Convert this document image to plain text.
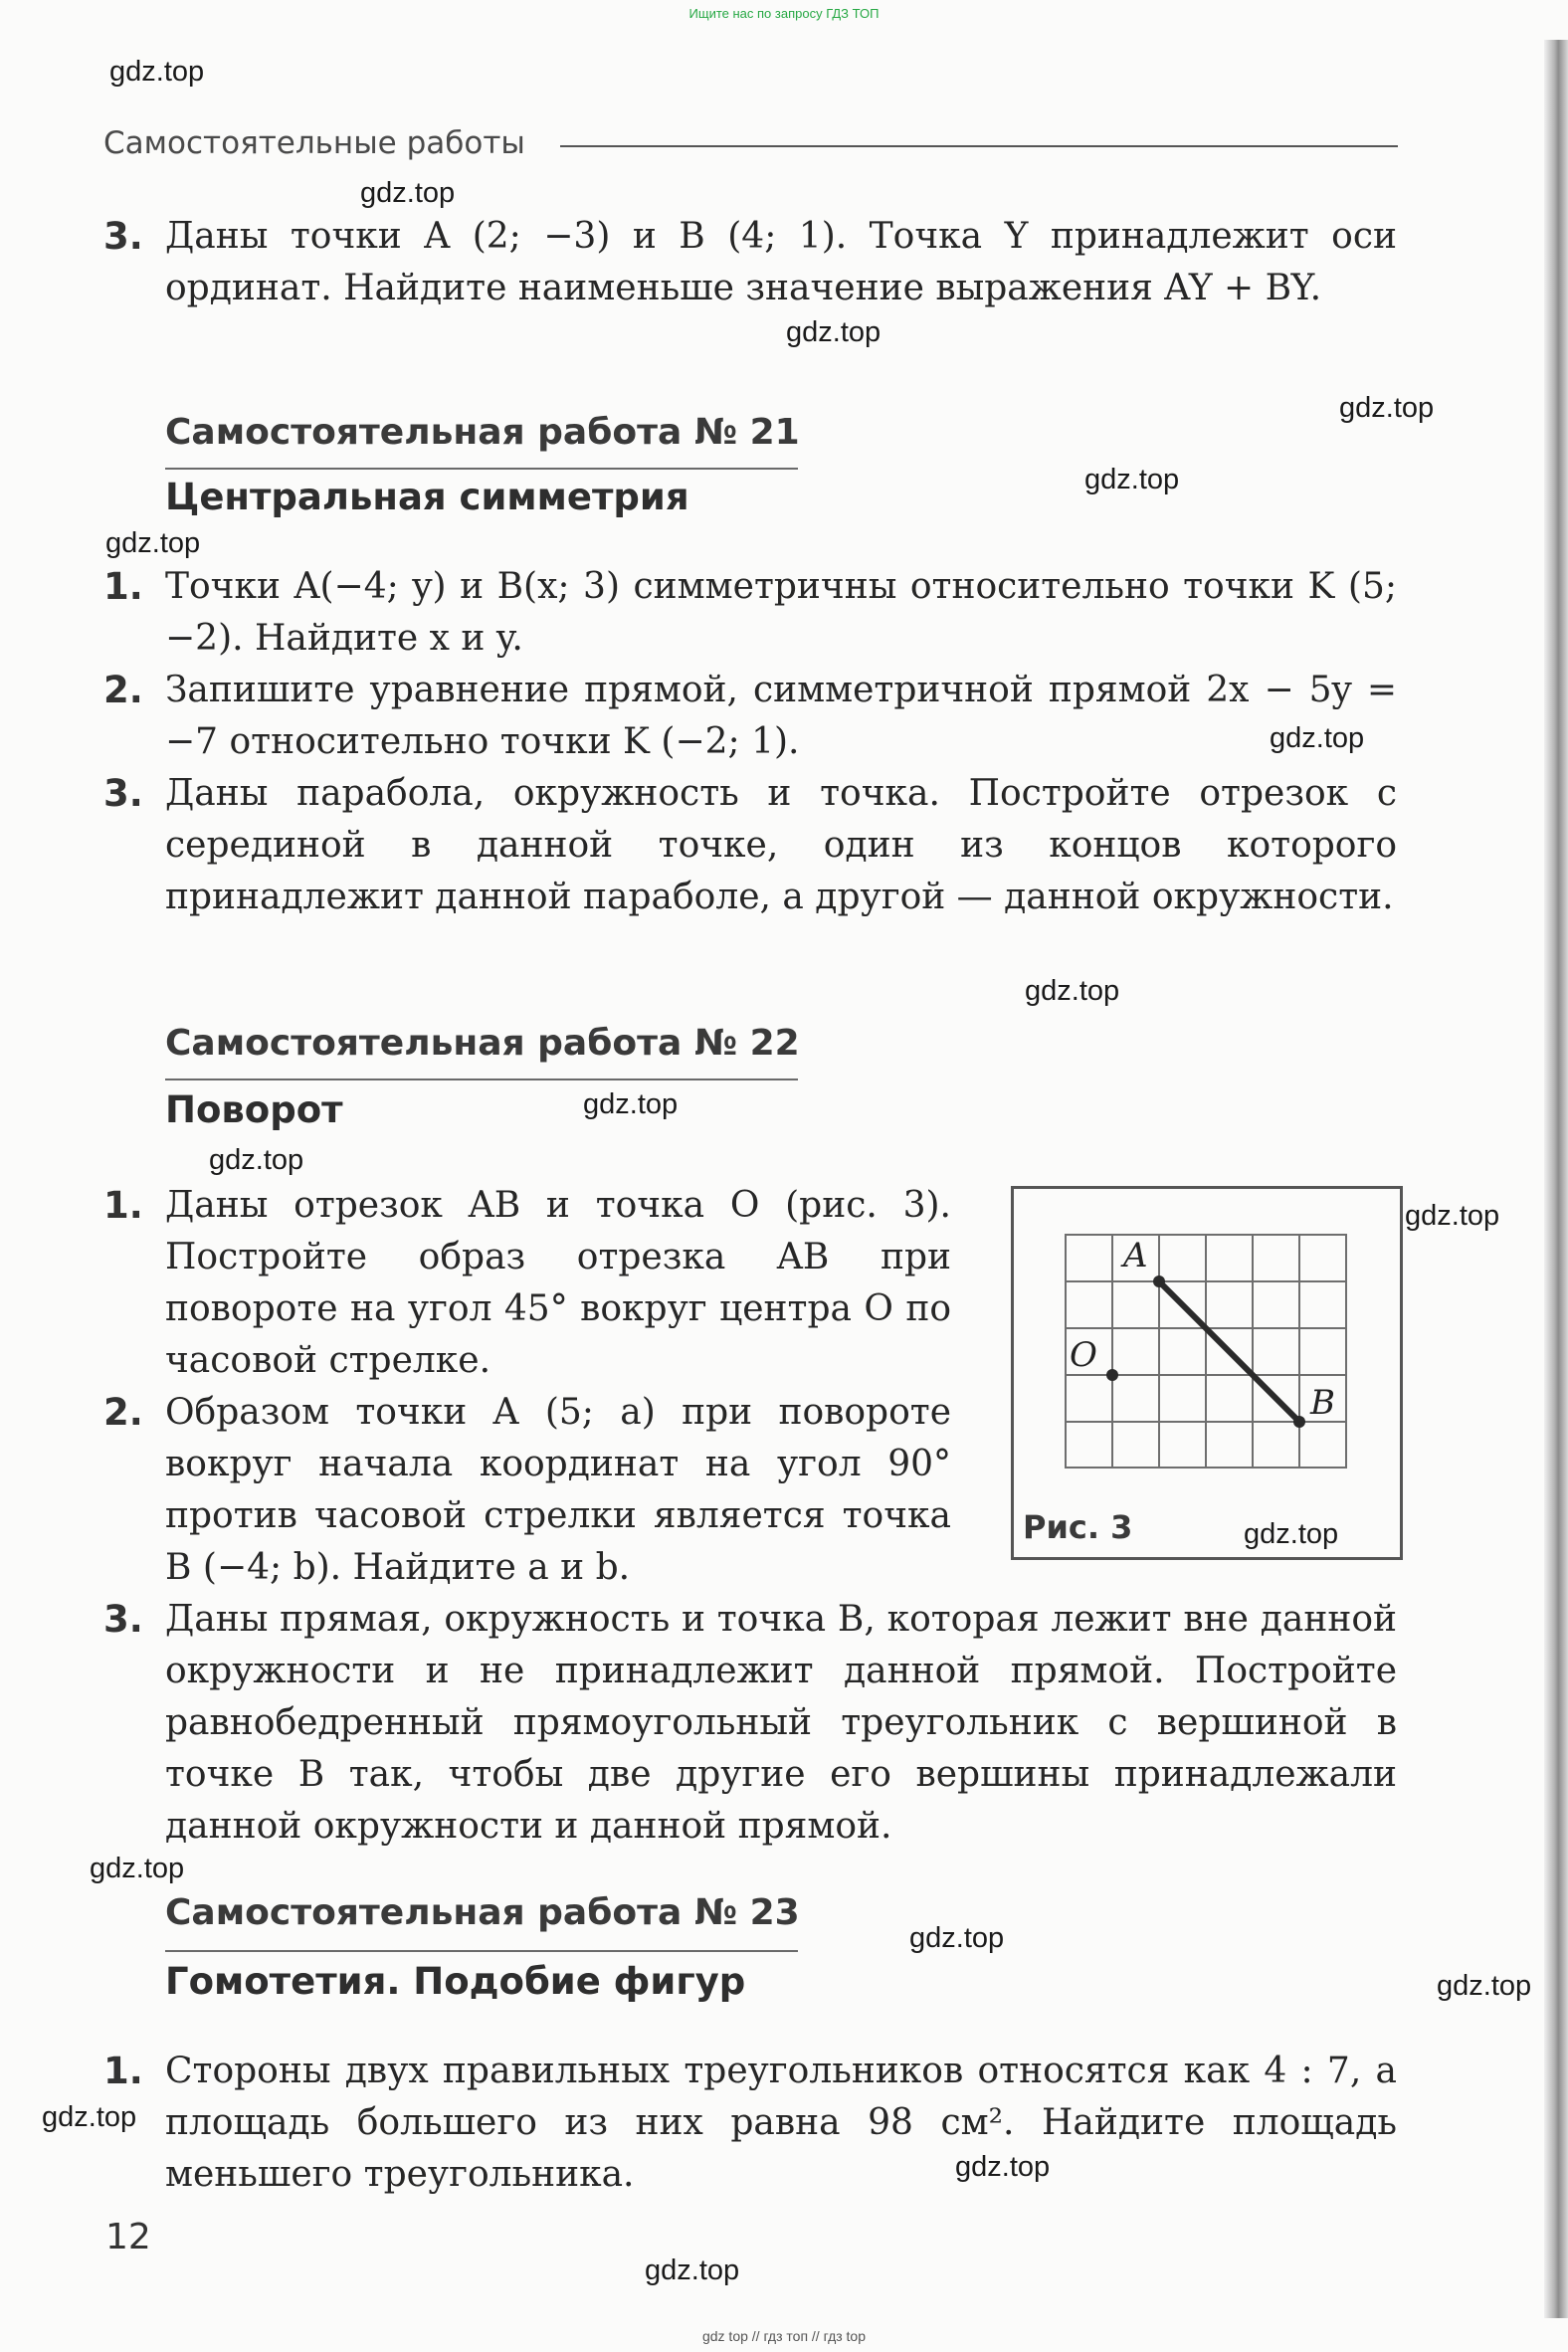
Ищите нас по запросу ГДЗ ТОП
Самостоятельные работы
3. Даны точки A (2; −3) и B (4; 1). Точка Y принадлежит оси ординат. Найдите наименьше значение выражения AY + BY.
Самостоятельная работа № 21
Центральная симметрия
1. Точки A(−4; y) и B(x; 3) симметричны относительно точки K (5; −2). Найдите x и y.
2. Запишите уравнение прямой, симметричной прямой 2x − 5y = −7 относительно точки K (−2; 1).
3. Даны парабола, окружность и точка. Постройте отрезок с серединой в данной точке, один из концов которого принадлежит данной параболе, а другой — данной окружности.
Самостоятельная работа № 22
Поворот
1. Даны отрезок AB и точка O (рис. 3). Постройте образ отрезка AB при повороте на угол 45° вокруг центра O по часовой стрелке.
2. Образом точки A (5; a) при повороте вокруг начала координат на угол 90° против часовой стрелки является точка B (−4; b). Найдите a и b.
3. Даны прямая, окружность и точка B, которая лежит вне данной окружности и не принадлежит данной прямой. Постройте равнобедренный прямоугольный треугольник с вершиной в точке B так, чтобы две другие его вершины принадлежали данной окружности и данной прямой.
A
B
O
Рис. 3
Самостоятельная работа № 23
Гомотетия. Подобие фигур
1. Стороны двух правильных треугольников относятся как 4 : 7, а площадь большего из них равна 98 см². Найдите площадь меньшего треугольника.
12
gdz.top
gdz.top
gdz.top
gdz.top
gdz.top
gdz.top
gdz.top
gdz.top
gdz.top
gdz.top
gdz.top
gdz.top
gdz.top
gdz.top
gdz.top
gdz.top
gdz.top
gdz.top
gdz top // гдз топ // гдз top
